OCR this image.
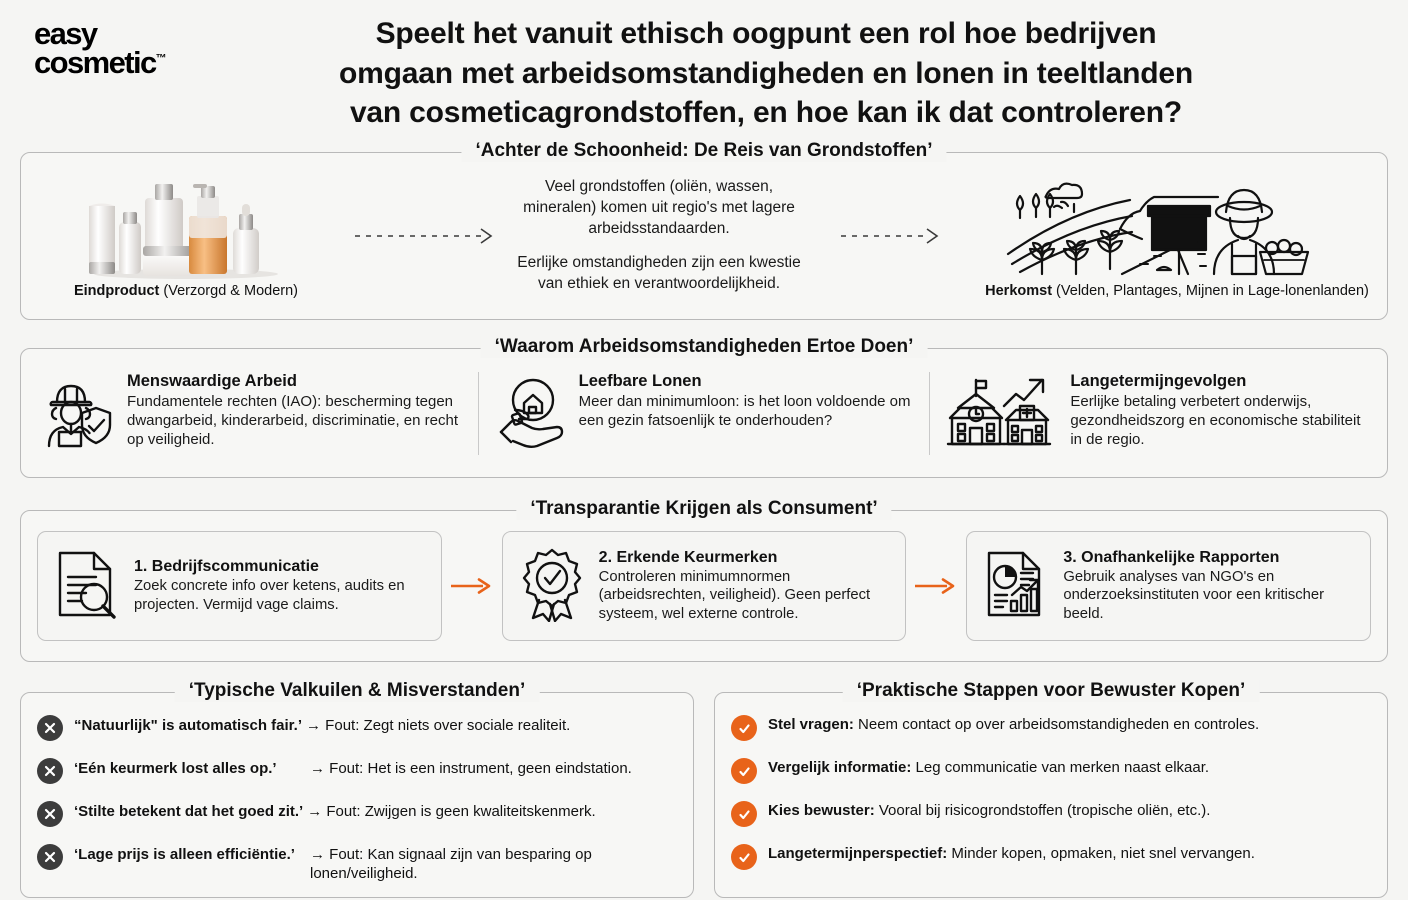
easy
cosmetic™
Speelt het vanuit ethisch oogpunt een rol hoe bedrijven
omgaan met arbeidsomstandigheden en lonen in teeltlanden
van cosmeticagrondstoffen, en hoe kan ik dat controleren?
‘Achter de Schoonheid: De Reis van Grondstoffen’
Eindproduct (Verzorgd & Modern)

Veel grondstoffen (oliën, wassen, mineralen) komen uit regio's met lagere arbeidsstandaarden.

Eerlijke omstandigheden zijn een kwestie van ethiek en verantwoordelijkheid.	Herkomst (Velden, Plantages, Mijnen in Lage-lonenlanden)
‘Waarom Arbeidsomstandigheden Ertoe Doen’
Menswaardige Arbeid
Fundamentele rechten (IAO): bescherming tegen dwangarbeid, kinderarbeid, discriminatie, en recht op veiligheid.
Leefbare Lonen
Meer dan minimumloon: is het loon voldoende om een gezin fatsoenlijk te onderhouden?
Langetermijngevolgen
Eerlijke betaling verbetert onderwijs, gezondheidszorg en economische stabiliteit in de regio.
‘Transparantie Krijgen als Consument’
1. Bedrijfscommunicatie
Zoek concrete info over ketens, audits en projecten. Vermijd vage claims.
2. Erkende Keurmerken
Controleren minimumnormen (arbeidsrechten, veiligheid). Geen perfect systeem, wel externe controle.
3. Onafhankelijke Rapporten
Gebruik analyses van NGO's en onderzoeksinstituten voor een kritischer beeld.
‘Typische Valkuilen & Misverstanden’
“Natuurlijk" is automatisch fair.’ → Fout: Zegt niets over sociale realiteit.
‘Eén keurmerk lost alles op.’	→ Fout: Het is een instrument, geen eindstation.
‘Stilte betekent dat het goed zit.’ → Fout: Zwijgen is geen kwaliteitskenmerk.
‘Lage prijs is alleen efficiëntie.’	→ Fout: Kan signaal zijn van besparing op lonen/veiligheid.
‘Praktische Stappen voor Bewuster Kopen’
Stel vragen: Neem contact op over arbeidsomstandigheden en controles.
Vergelijk informatie: Leg communicatie van merken naast elkaar.
Kies bewuster: Vooral bij risicogrondstoffen (tropische oliën, etc.).
Langetermijnperspectief: Minder kopen, opmaken, niet snel vervangen.
